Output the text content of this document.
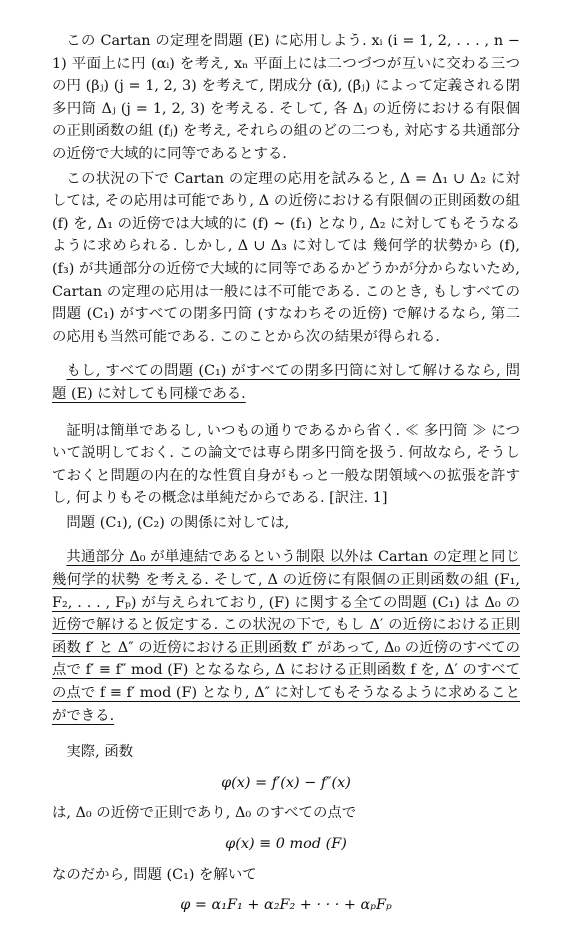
この Cartan の定理を問題 (E) に応用しよう. xᵢ (i = 1, 2, . . . , n − 1) 平面上に円 (αᵢ) を考え, xₙ 平面上には二つづつが互いに交わる三つの円 (βⱼ) (j = 1, 2, 3) を考えて, 閉成分 (ᾱ), (β̄ⱼ) によって定義される閉多円筒 Δⱼ (j = 1, 2, 3) を考える. そして, 各 Δⱼ の近傍における有限個の正則函数の組 (fⱼ) を考え, それらの組のどの二つも, 対応する共通部分の近傍で大域的に同等であるとする.

この状況の下で Cartan の定理の応用を試みると, Δ = Δ₁ ∪ Δ₂ に対しては, その応用は可能であり, Δ の近傍における有限個の正則函数の組 (f) を, Δ₁ の近傍では大域的に (f) ∼ (f₁) となり, Δ₂ に対してもそうなるように求められる. しかし, Δ ∪ Δ₃ に対しては 幾何学的状勢から (f), (f₃) が共通部分の近傍で大域的に同等であるかどうかが分からないため, Cartan の定理の応用は一般には不可能である. このとき, もしすべての問題 (C₁) がすべての閉多円筒 (すなわちその近傍) で解けるなら, 第二の応用も当然可能である. このことから次の結果が得られる.

もし, すべての問題 (C₁) がすべての閉多円筒に対して解けるなら, 問題 (E) に対しても同様である.

証明は簡単であるし, いつもの通りであるから省く. ≪ 多円筒 ≫ について説明しておく. この論文では専ら閉多円筒を扱う. 何故なら, そうしておくと問題の内在的な性質自身がもっと一般な閉領域への拡張を許すし, 何よりもその概念は単純だからである. [訳注. 1]

問題 (C₁), (C₂) の関係に対しては,

共通部分 Δ₀ が単連結であるという制限 以外は Cartan の定理と同じ 幾何学的状勢 を考える. そして, Δ の近傍に有限個の正則函数の組 (F₁, F₂, . . . , Fₚ) が与えられており, (F) に関する全ての問題 (C₁) は Δ₀ の近傍で解けると仮定する. この状況の下で, もし Δ′ の近傍における正則函数 f′ と Δ″ の近傍における正則函数 f″ があって, Δ₀ の近傍のすべての点で f′ ≡ f″ mod (F) となるなら, Δ における正則函数 f を, Δ′ のすべての点で f ≡ f′ mod (F) となり, Δ″ に対してもそうなるように求めることができる.

実際, 函数

φ(x) = f′(x) − f″(x)

は, Δ₀ の近傍で正則であり, Δ₀ のすべての点で

φ(x) ≡ 0 mod (F)

なのだから, 問題 (C₁) を解いて

φ = α₁F₁ + α₂F₂ + · · · + αₚFₚ
